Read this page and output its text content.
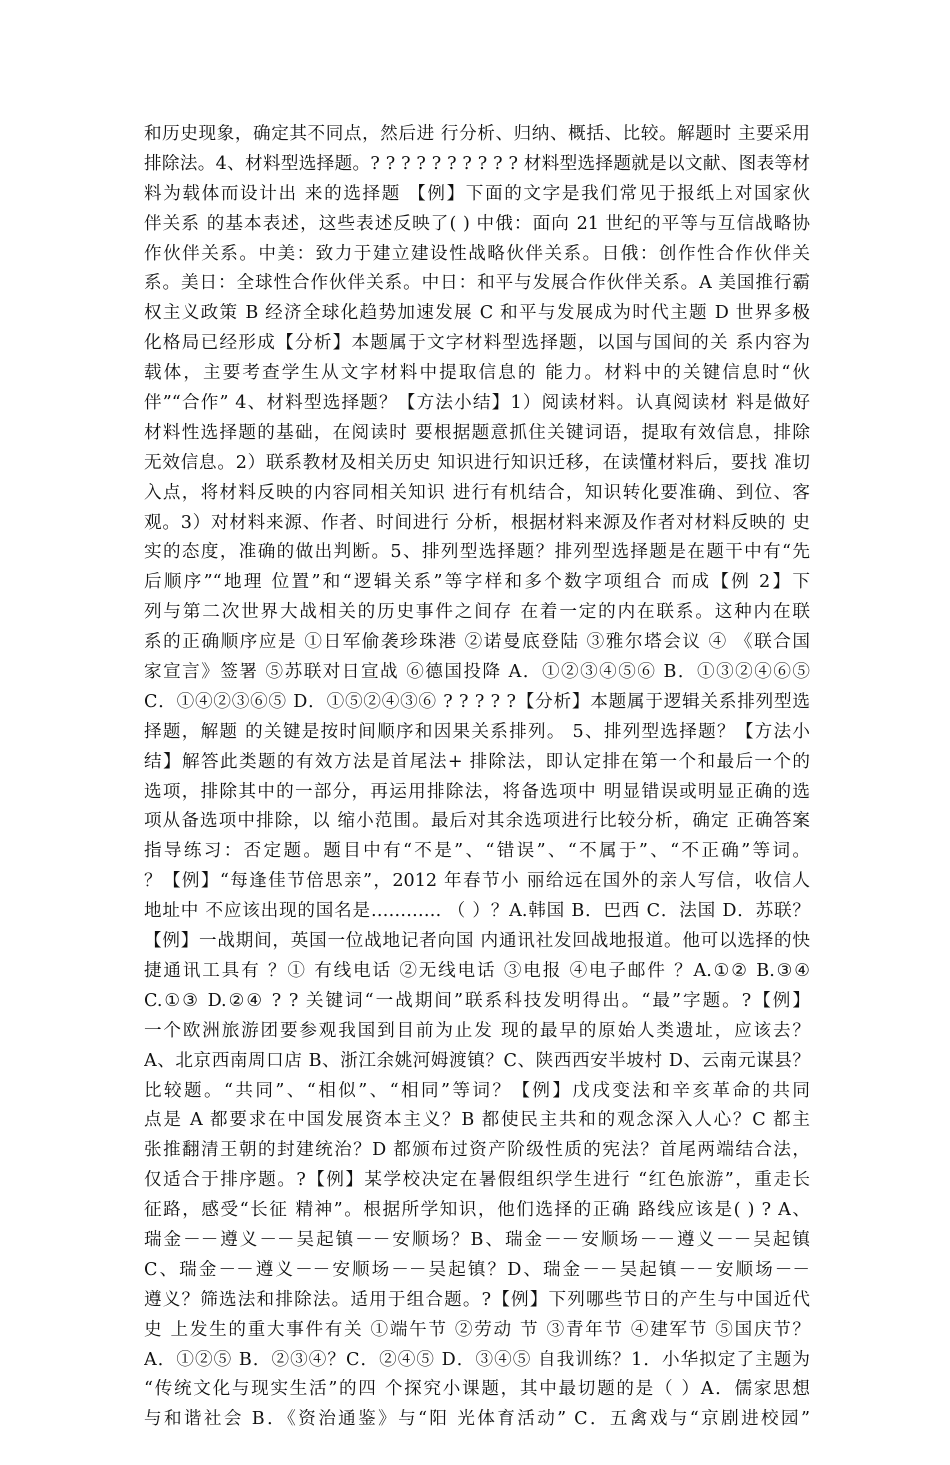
和历史现象，确定其不同点，然后进 行分析、归纳、概括、比较。解题时 主要采用
排除法。4、材料型选择题。? ? ? ? ? ? ? ? ? ? 材料型选择题就是以文献、图表等材
料为载体而设计出 来的选择题 【例】下面的文字是我们常见于报纸上对国家伙
伴关系 的基本表述，这些表述反映了( ) 中俄：面向 21 世纪的平等与互信战略协
作伙伴关系。中美：致力于建立建设性战略伙伴关系。日俄：创作性合作伙伴关
系。美日：全球性合作伙伴关系。中日：和平与发展合作伙伴关系。A 美国推行霸
权主义政策 B 经济全球化趋势加速发展 C 和平与发展成为时代主题 D 世界多极
化格局已经形成【分析】本题属于文字材料型选择题，以国与国间的关 系内容为
载体，主要考查学生从文字材料中提取信息的 能力。材料中的关键信息时“伙
伴”“合作” 4、材料型选择题？【方法小结】1）阅读材料。认真阅读材 料是做好
材料性选择题的基础，在阅读时 要根据题意抓住关键词语，提取有效信息，排除
无效信息。2）联系教材及相关历史 知识进行知识迁移，在读懂材料后，要找 准切
入点，将材料反映的内容同相关知识 进行有机结合，知识转化要准确、到位、客
观。3）对材料来源、作者、时间进行 分析，根据材料来源及作者对材料反映的 史
实的态度，准确的做出判断。5、排列型选择题？排列型选择题是在题干中有“先
后顺序”“地理 位置”和“逻辑关系”等字样和多个数字项组合 而成【例 2】下
列与第二次世界大战相关的历史事件之间存 在着一定的内在联系。这种内在联
系的正确顺序应是 ①日军偷袭珍珠港 ②诺曼底登陆 ③雅尔塔会议 ④ 《联合国
家宣言》签署 ⑤苏联对日宣战 ⑥德国投降 A．①②③④⑤⑥ B．①③②④⑥⑤
C．①④②③⑥⑤ D．①⑤②④③⑥ ? ? ? ? ?【分析】本题属于逻辑关系排列型选
择题，解题 的关键是按时间顺序和因果关系排列。 5、排列型选择题？【方法小
结】解答此类题的有效方法是首尾法+ 排除法，即认定排在第一个和最后一个的
选项，排除其中的一部分，再运用排除法，将备选项中 明显错误或明显正确的选
项从备选项中排除，以 缩小范围。最后对其余选项进行比较分析，确定 正确答案
指导练习：否定题。题目中有“不是”、“错误”、“不属于”、“不正确”等词。
？【例】“每逢佳节倍思亲”，2012 年春节小 丽给远在国外的亲人写信，收信人
地址中 不应该出现的国名是………… （ ）？A.韩国 B．巴西 C．法国 D．苏联？
【例】一战期间，英国一位战地记者向国 内通讯社发回战地报道。他可以选择的快
捷通讯工具有 ？① 有线电话 ②无线电话 ③电报 ④电子邮件 ？A.①② B.③④
C.①③ D.②④ ? ? 关键词“一战期间”联系科技发明得出。“最”字题。?【例】
一个欧洲旅游团要参观我国到目前为止发 现的最早的原始人类遗址，应该去？
A、北京西南周口店 B、浙江余姚河姆渡镇？C、陕西西安半坡村 D、云南元谋县？
比较题。“共同”、“相似”、“相同”等词？【例】戊戌变法和辛亥革命的共同
点是 A 都要求在中国发展资本主义？B 都使民主共和的观念深入人心？C 都主
张推翻清王朝的封建统治？D 都颁布过资产阶级性质的宪法？首尾两端结合法，
仅适合于排序题。?【例】某学校决定在暑假组织学生进行 “红色旅游”，重走长
征路，感受“长征 精神”。根据所学知识，他们选择的正确 路线应该是( ) ? A、
瑞金－－遵义－－吴起镇－－安顺场？B、瑞金－－安顺场－－遵义－－吴起镇
C、瑞金－－遵义－－安顺场－－吴起镇？D、瑞金－－吴起镇－－安顺场－－
遵义？筛选法和排除法。适用于组合题。?【例】下列哪些节日的产生与中国近代
史 上发生的重大事件有关 ①端午节 ②劳动 节 ③青年节 ④建军节 ⑤国庆节？
A．①②⑤ B．②③④？C．②④⑤ D．③④⑤ 自我训练？1．小华拟定了主题为
“传统文化与现实生活”的四 个探究小课题，其中最切题的是（ ）A．儒家思想
与和谐社会 B．《资治通鉴》与“阳 光体育活动” C．五禽戏与“京剧进校园”
